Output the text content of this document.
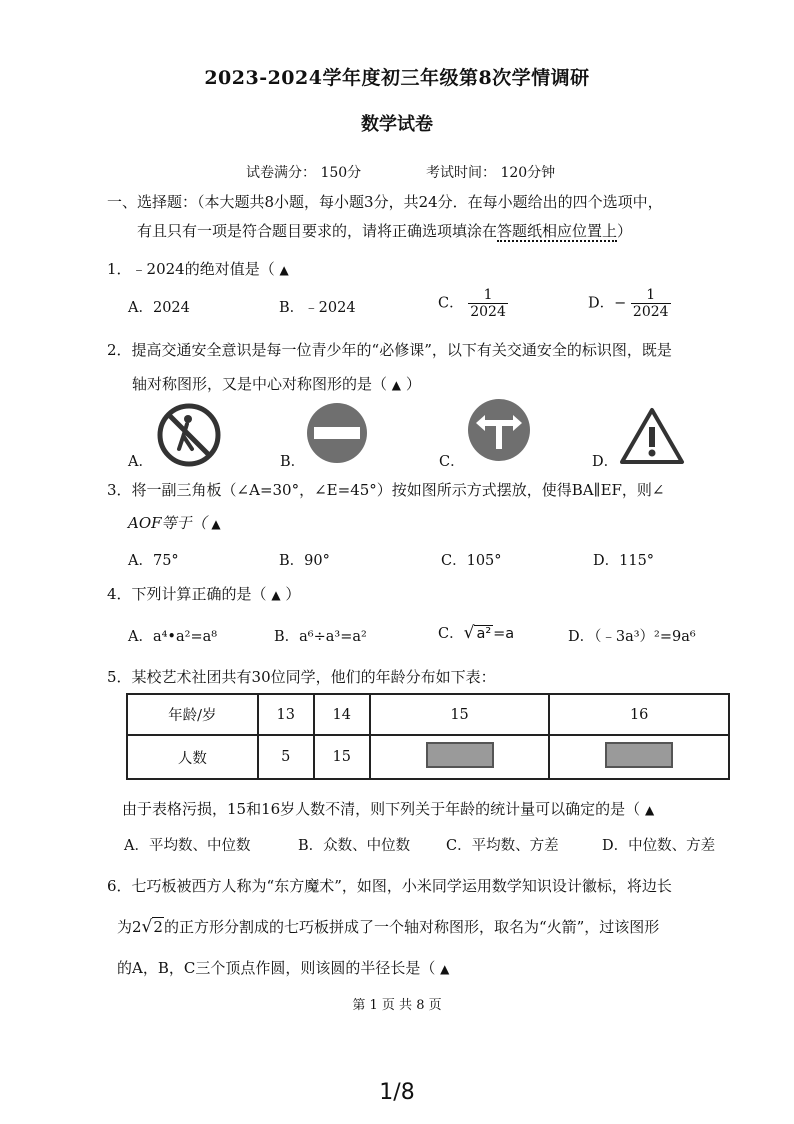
2023-2024学年度初三年级第8次学情调研
数学试卷
试卷满分： 150分	考试时间： 120分钟
一、选择题：（本大题共8小题，每小题3分，共24分．在每小题给出的四个选项中，
有且只有一项是符合题目要求的，请将正确选项填涂在答题纸相应位置上）
1．﹣2024的绝对值是（ ▲
A．2024	B．﹣2024	C． $\frac{1}{2024}$	D．− $\frac{1}{2024}$
2．提高交通安全意识是每一位青少年的“必修课”，以下有关交通安全的标识图，既是
轴对称图形，又是中心对称图形的是（ ▲ ）
A．	B．	C．	D．
3．将一副三角板（∠A=30°，∠E=45°）按如图所示方式摆放，使得BA∥EF，则∠
AOF等于（ ▲
A．75°	B．90°	C．105°	D．115°
4．下列计算正确的是（ ▲ ）
A．a⁴•a²=a⁸	B．a⁶÷a³=a²	C．√ a² =a	D．（﹣3a³）²=9a⁶
5．某校艺术社团共有30位同学，他们的年龄分布如下表：
年龄/岁	13	14	15	16
人数	5	15		
由于表格污损，15和16岁人数不清，则下列关于年龄的统计量可以确定的是（ ▲
A．平均数、中位数	B．众数、中位数 C．平均数、方差	D．中位数、方差
6．七巧板被西方人称为“东方魔术”，如图，小米同学运用数学知识设计徽标，将边长
为2√2的正方形分割成的七巧板拼成了一个轴对称图形，取名为“火箭”，过该图形
的A，B，C三个顶点作圆，则该圆的半径长是（ ▲
第 1 页 共 8 页
1/8
